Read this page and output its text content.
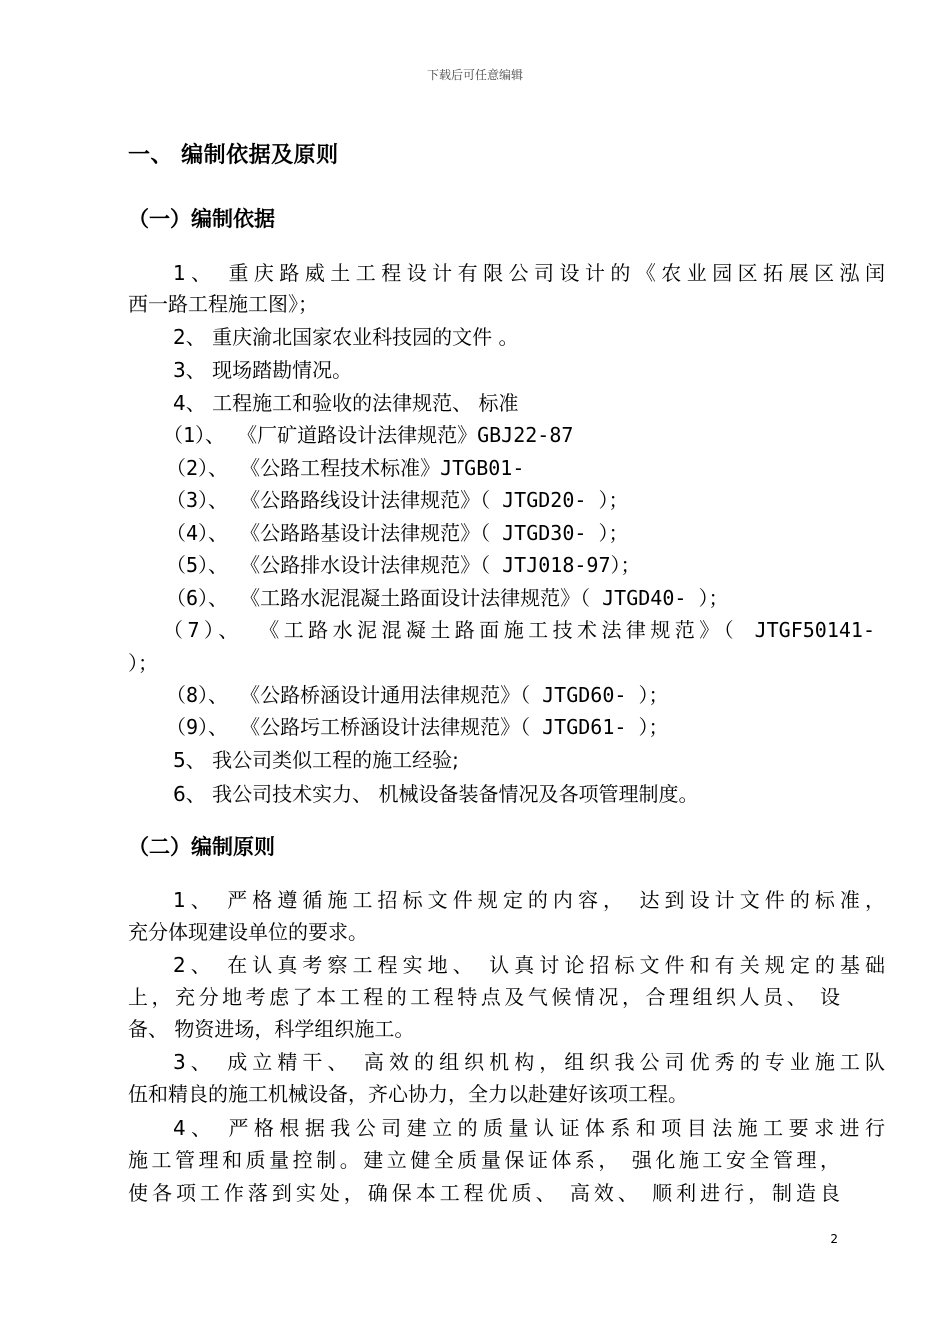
下载后可任意编辑
一、 编制依据及原则
（一）编制依据
1、 重庆路威土工程设计有限公司设计的《农业园区拓展区泓闰
西一路工程施工图》；
2、 重庆渝北国家农业科技园的文件 。
3、 现场踏勘情况。
4、 工程施工和验收的法律规范、 标准
（1）、 《厂矿道路设计法律规范》GBJ22-87
（2）、 《公路工程技术标准》JTGB01-
（3）、 《公路路线设计法律规范》（ JTGD20- ）；
（4）、 《公路路基设计法律规范》（ JTGD30- ）；
（5）、 《公路排水设计法律规范》（ JTJ018-97）；
（6）、 《工路水泥混凝土路面设计法律规范》（ JTGD40- ）；
（7）、 《工路水泥混凝土路面施工技术法律规范》（ JTGF50141-
）；
（8）、 《公路桥涵设计通用法律规范》（ JTGD60- ）；
（9）、 《公路圬工桥涵设计法律规范》（ JTGD61- ）；
5、 我公司类似工程的施工经验;
6、 我公司技术实力、 机械设备装备情况及各项管理制度。
（二）编制原则
1、 严格遵循施工招标文件规定的内容， 达到设计文件的标准，
充分体现建设单位的要求。
2、 在认真考察工程实地、 认真讨论招标文件和有关规定的基础
上，充分地考虑了本工程的工程特点及气候情况，合理组织人员、 设
备、 物资进场，科学组织施工。
3、 成立精干、 高效的组织机构，组织我公司优秀的专业施工队
伍和精良的施工机械设备，齐心协力，全力以赴建好该项工程。
4、 严格根据我公司建立的质量认证体系和项目法施工要求进行
施工管理和质量控制。建立健全质量保证体系， 强化施工安全管理，
使各项工作落到实处，确保本工程优质、 高效、 顺利进行，制造良
2
